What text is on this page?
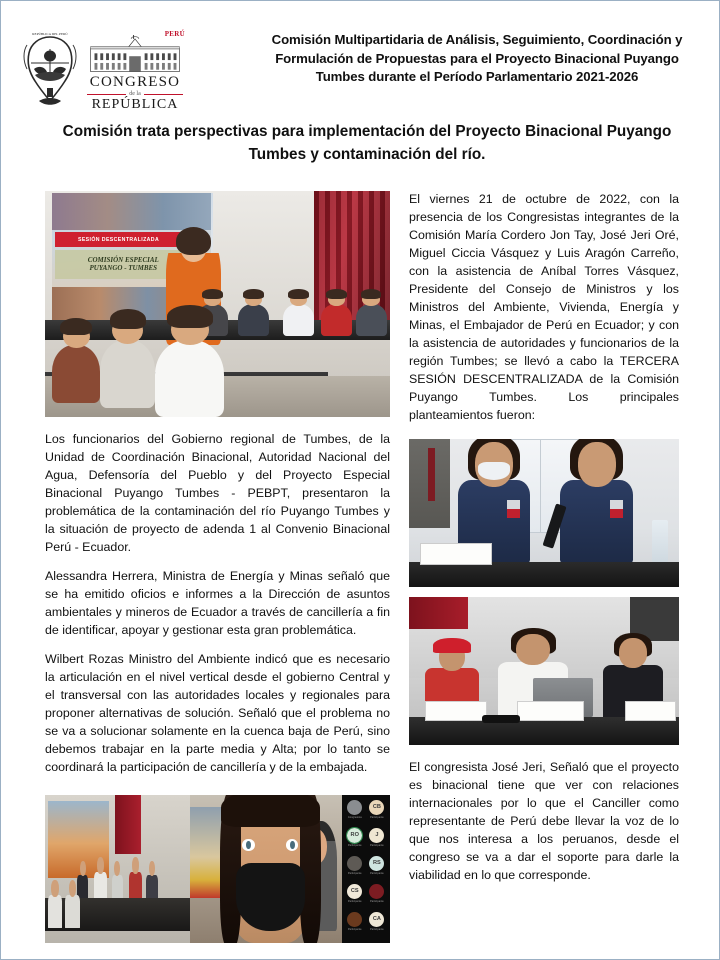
REPÚBLICA DEL PERÚ	PERÚ
CONGRESO
de la
REPÚBLICA
Comisión Multipartidaria de Análisis, Seguimiento, Coordinación y Formulación de Propuestas para el Proyecto Binacional Puyango Tumbes durante el Período Parlamentario 2021-2026
Comisión trata perspectivas para implementación del Proyecto Binacional Puyango Tumbes y contaminación del río.
SESIÓN DESCENTRALIZADA
COMISIÓN ESPECIAL
PUYANGO - TUMBES

Los funcionarios del Gobierno regional de Tumbes, de la Unidad de Coordinación Binacional, Autoridad Nacional del Agua, Defensoría del Pueblo y del Proyecto Especial Binacional Puyango Tumbes - PEBPT, presentaron la problemática de la contaminación del río Puyango Tumbes y la situación de proyecto de adenda 1 al Convenio Binacional Perú - Ecuador.

Alessandra Herrera, Ministra de Energía y Minas señaló que se ha emitido oficios e informes a la Dirección de asuntos ambientales y mineros de Ecuador a través de cancillería a fin de identificar, apoyar y gestionar esta gran problemática.

Wilbert Rozas Ministro del Ambiente indicó que es necesario la articulación en el nivel vertical desde el gobierno Central y el transversal con las autoridades locales y regionales para proponer alternativas de solución. Señaló que el problema no se va a solucionar solamente en la cuenca baja de Perú, sino debemos trabajar en la parte media y Alta; por lo tanto se coordinará la participación de cancillería y de la embajada.

Congresista
CB
Participante
RO
Participante
J
Participante
Participante
RS
Participante
CS
Participante	Participante
Participante
CA
Participante

El viernes 21 de octubre de 2022, con la presencia de los Congresistas integrantes de la Comisión María Cordero Jon Tay, José Jeri Oré, Miguel Ciccia Vásquez y Luis Aragón Carreño, con la asistencia de Aníbal Torres Vásquez, Presidente del Consejo de Ministros y los Ministros del Ambiente, Vivienda, Energía y Minas, el Embajador de Perú en Ecuador; y con la asistencia de autoridades y funcionarios de la región Tumbes; se llevó a cabo la TERCERA SESIÓN DESCENTRALIZADA de la Comisión Puyango Tumbes. Los principales planteamientos fueron:

El congresista José Jeri, Señaló que el proyecto es binacional tiene que ver con relaciones internacionales por lo que el Canciller como representante de Perú debe llevar la voz de lo que nos interesa a los peruanos, desde el congreso se va a dar el soporte para darle la viabilidad en lo que corresponde.
